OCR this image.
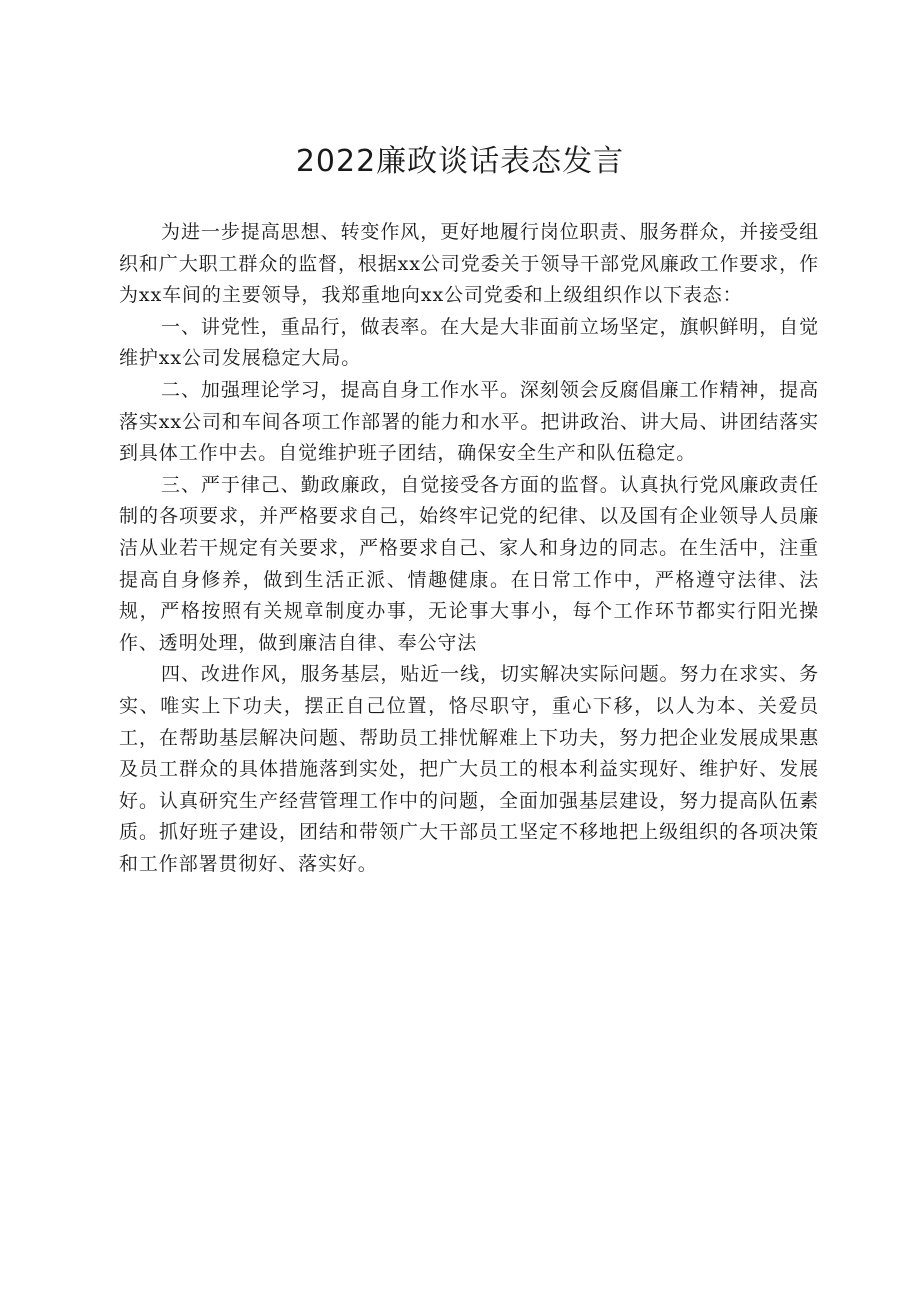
2022廉政谈话表态发言

为进一步提高思想、转变作风，更好地履行岗位职责、服务群众，并接受组织和广大职工群众的监督，根据xx公司党委关于领导干部党风廉政工作要求，作为xx车间的主要领导，我郑重地向xx公司党委和上级组织作以下表态：

一、讲党性，重品行，做表率。在大是大非面前立场坚定，旗帜鲜明，自觉维护xx公司发展稳定大局。

二、加强理论学习，提高自身工作水平。深刻领会反腐倡廉工作精神，提高落实xx公司和车间各项工作部署的能力和水平。把讲政治、讲大局、讲团结落实到具体工作中去。自觉维护班子团结，确保安全生产和队伍稳定。

三、严于律己、勤政廉政，自觉接受各方面的监督。认真执行党风廉政责任制的各项要求，并严格要求自己，始终牢记党的纪律、以及国有企业领导人员廉洁从业若干规定有关要求，严格要求自己、家人和身边的同志。在生活中，注重提高自身修养，做到生活正派、情趣健康。在日常工作中，严格遵守法律、法规，严格按照有关规章制度办事，无论事大事小，每个工作环节都实行阳光操作、透明处理，做到廉洁自律、奉公守法

四、改进作风，服务基层，贴近一线，切实解决实际问题。努力在求实、务实、唯实上下功夫，摆正自己位置，恪尽职守，重心下移，以人为本、关爱员工，在帮助基层解决问题、帮助员工排忧解难上下功夫，努力把企业发展成果惠及员工群众的具体措施落到实处，把广大员工的根本利益实现好、维护好、发展好。认真研究生产经营管理工作中的问题，全面加强基层建设，努力提高队伍素质。抓好班子建设，团结和带领广大干部员工坚定不移地把上级组织的各项决策和工作部署贯彻好、落实好。
